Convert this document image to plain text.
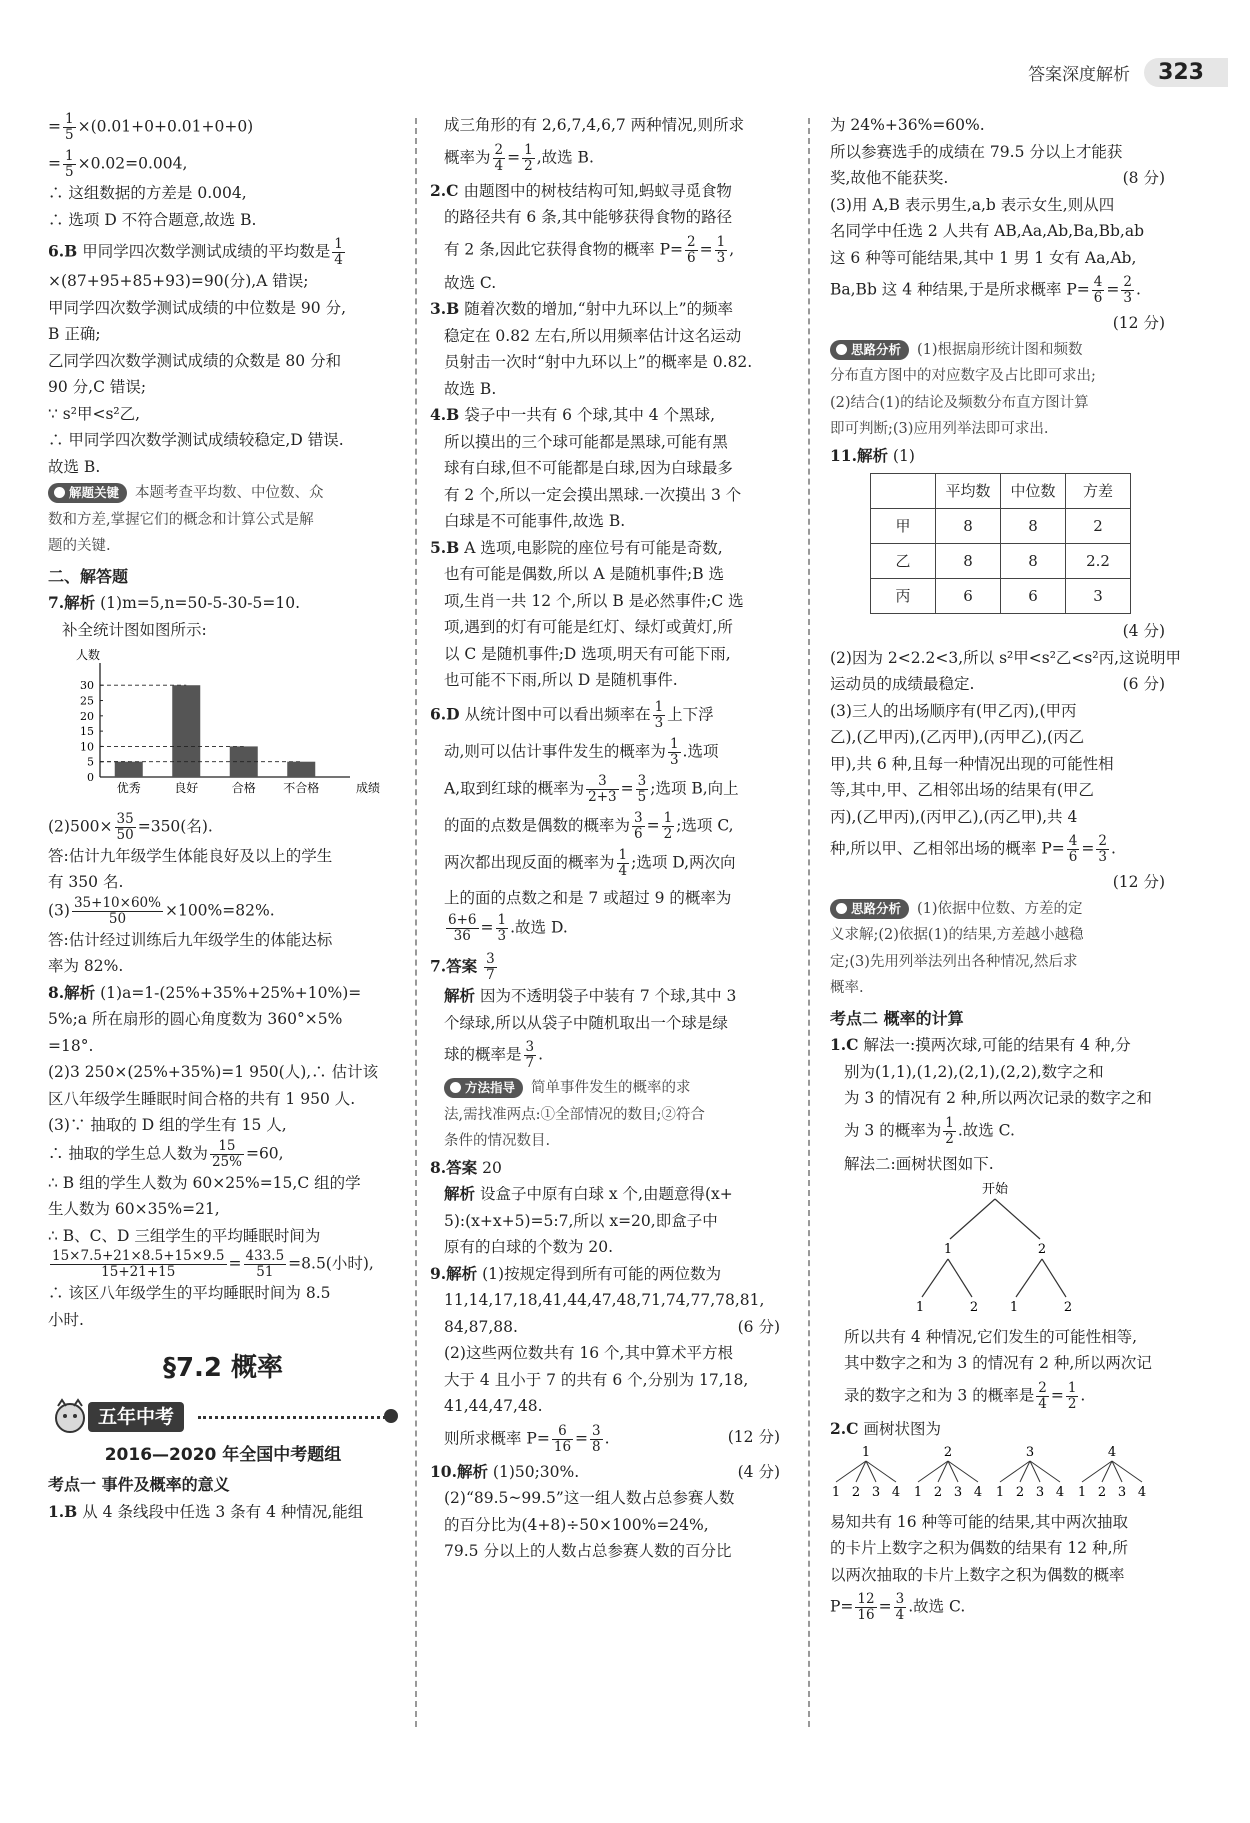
答案深度解析	323
= $\frac{1}{5} \times(0.01+0+0.01+0+0)$
= $\frac{1}{5} \times 0.02=0.004$,
∴ 这组数据的方差是 0.004,
∴ 选项 D 不符合题意,故选 B.
6.B 甲同学四次数学测试成绩的平均数是 $\frac{1}{4}$
×(87+95+85+93)=90(分),A 错误;
甲同学四次数学测试成绩的中位数是 90 分,
B 正确;
乙同学四次数学测试成绩的众数是 80 分和
90 分,C 错误;
∵ s²甲<s²乙,
∴ 甲同学四次数学测试成绩较稳定,D 错误.
故选 B.
解题关键 本题考查平均数、中位数、众
数和方差,掌握它们的概念和计算公式是解
题的关键.
二、解答题
7.解析 (1)m=5,n=50-5-30-5=10.
补全统计图如图所示:
人数
成绩
0
5
10
15
20
25
30
优秀	良好	合格 不合格
$(2)500\times \frac{35}{50} =350$(名).
答:估计九年级学生体能良好及以上的学生
有 350 名.
$(3) \frac{35+10\times 60\%}{50} \times 100\%=82\%$.
答:估计经过训练后九年级学生的体能达标
率为 82%.
8.解析 (1)a=1-(25%+35%+25%+10%)=
5%;a 所在扇形的圆心角度数为 360°×5%
=18°.
(2)3 250×(25%+35%)=1 950(人),∴ 估计该
区八年级学生睡眠时间合格的共有 1 950 人.
(3)∵ 抽取的 D 组的学生有 15 人,
∴ 抽取的学生总人数为 $\frac{15}{25\%} =60$,
∴ B 组的学生人数为 60×25%=15,C 组的学
生人数为 60×35%=21,
∴ B、C、D 三组学生的平均睡眠时间为
$\frac{15\times 7.5+21\times 8.5+15\times 9.5}{15+21+15} = \frac{433.5}{51} =8.5$(小时),
∴ 该区八年级学生的平均睡眠时间为 8.5
小时.
§7.2 概率
五年中考
2016—2020 年全国中考题组
考点一 事件及概率的意义
1.B 从 4 条线段中任选 3 条有 4 种情况,能组
成三角形的有 2,6,7,4,6,7 两种情况,则所求
概率为 $\frac{2}{4} = \frac{1}{2}$ ,故选 B.
2.C 由题图中的树枝结构可知,蚂蚁寻觅食物
的路径共有 6 条,其中能够获得食物的路径
有 2 条,因此它获得食物的概率 $P= \frac{2}{6} = \frac{1}{3}$ ,
故选 C.
3.B 随着次数的增加,“射中九环以上”的频率
稳定在 0.82 左右,所以用频率估计这名运动
员射击一次时“射中九环以上”的概率是 0.82.
故选 B.
4.B 袋子中一共有 6 个球,其中 4 个黑球,
所以摸出的三个球可能都是黑球,可能有黑
球有白球,但不可能都是白球,因为白球最多
有 2 个,所以一定会摸出黑球.一次摸出 3 个
白球是不可能事件,故选 B.
5.B A 选项,电影院的座位号有可能是奇数,
也有可能是偶数,所以 A 是随机事件;B 选
项,生肖一共 12 个,所以 B 是必然事件;C 选
项,遇到的灯有可能是红灯、绿灯或黄灯,所
以 C 是随机事件;D 选项,明天有可能下雨,
也可能不下雨,所以 D 是随机事件.
6.D 从统计图中可以看出频率在 $\frac{1}{3}$ 上下浮
动,则可以估计事件发生的概率为 $\frac{1}{3}$ .选项
A,取到红球的概率为 $\frac{3}{2+3} = \frac{3}{5}$ ;选项 B,向上
的面的点数是偶数的概率为 $\frac{3}{6} = \frac{1}{2}$ ;选项 C,
两次都出现反面的概率为 $\frac{1}{4}$ ;选项 D,两次向
上的面的点数之和是 7 或超过 9 的概率为
$\frac{6+6}{36} = \frac{1}{3}$ .故选 D.
7.答案 $\frac{3}{7}$
解析 因为不透明袋子中装有 7 个球,其中 3
个绿球,所以从袋子中随机取出一个球是绿
球的概率是 $\frac{3}{7}$ .
方法指导 简单事件发生的概率的求
法,需找准两点:①全部情况的数目;②符合
条件的情况数目.
8.答案 20
解析 设盒子中原有白球 x 个,由题意得(x+
5):(x+x+5)=5:7,所以 x=20,即盒子中
原有的白球的个数为 20.
9.解析 (1)按规定得到所有可能的两位数为
11,14,17,18,41,44,47,48,71,74,77,78,81,
84,87,88.	(6 分)
(2)这些两位数共有 16 个,其中算术平方根
大于 4 且小于 7 的共有 6 个,分别为 17,18,
41,44,47,48.
则所求概率 $P= \frac{6}{16} = \frac{3}{8}$ .	(12 分)
10.解析 (1)50;30%.	(4 分)
(2)“89.5~99.5”这一组人数占总参赛人数
的百分比为(4+8)÷50×100%=24%,
79.5 分以上的人数占总参赛人数的百分比
为 24%+36%=60%.
所以参赛选手的成绩在 79.5 分以上才能获
奖,故他不能获奖.	(8 分)
(3)用 A,B 表示男生,a,b 表示女生,则从四
名同学中任选 2 人共有 AB,Aa,Ab,Ba,Bb,ab
这 6 种等可能结果,其中 1 男 1 女有 Aa,Ab,
Ba,Bb 这 4 种结果,于是所求概率 $P= \frac{4}{6} = \frac{2}{3}$ .
(12 分)
思路分析 (1)根据扇形统计图和频数
分布直方图中的对应数字及占比即可求出;
(2)结合(1)的结论及频数分布直方图计算
即可判断;(3)应用列举法即可求出.
11.解析 (1)
	平均数	中位数	方差
甲	8	8	2
乙	8	8	2.2
丙	6	6	3
(4 分)
(2)因为 2<2.2<3,所以 s²甲<s²乙<s²丙,这说明甲
运动员的成绩最稳定.	(6 分)
(3)三人的出场顺序有(甲乙丙),(甲丙
乙),(乙甲丙),(乙丙甲),(丙甲乙),(丙乙
甲),共 6 种,且每一种情况出现的可能性相
等,其中,甲、乙相邻出场的结果有(甲乙
丙),(乙甲丙),(丙甲乙),(丙乙甲),共 4
种,所以甲、乙相邻出场的概率 $P= \frac{4}{6} = \frac{2}{3}$ .
(12 分)
思路分析 (1)依据中位数、方差的定
义求解;(2)依据(1)的结果,方差越小越稳
定;(3)先用列举法列出各种情况,然后求
概率.
考点二 概率的计算
1.C 解法一:摸两次球,可能的结果有 4 种,分
别为(1,1),(1,2),(2,1),(2,2),数字之和
为 3 的情况有 2 种,所以两次记录的数字之和
为 3 的概率为 $\frac{1}{2}$ .故选 C.
解法二:画树状图如下.
开始
1	2
1	2 1	2
所以共有 4 种情况,它们发生的可能性相等,
其中数字之和为 3 的情况有 2 种,所以两次记
录的数字之和为 3 的概率是 $\frac{2}{4} = \frac{1}{2}$ .
2.C 画树状图为
1
1 2 3 4
2
1 2 3 4
3
1 2 3 4
4
1 2 3 4
易知共有 16 种等可能的结果,其中两次抽取
的卡片上数字之积为偶数的结果有 12 种,所
以两次抽取的卡片上数字之积为偶数的概率
$P= \frac{12}{16} = \frac{3}{4}$ .故选 C.
